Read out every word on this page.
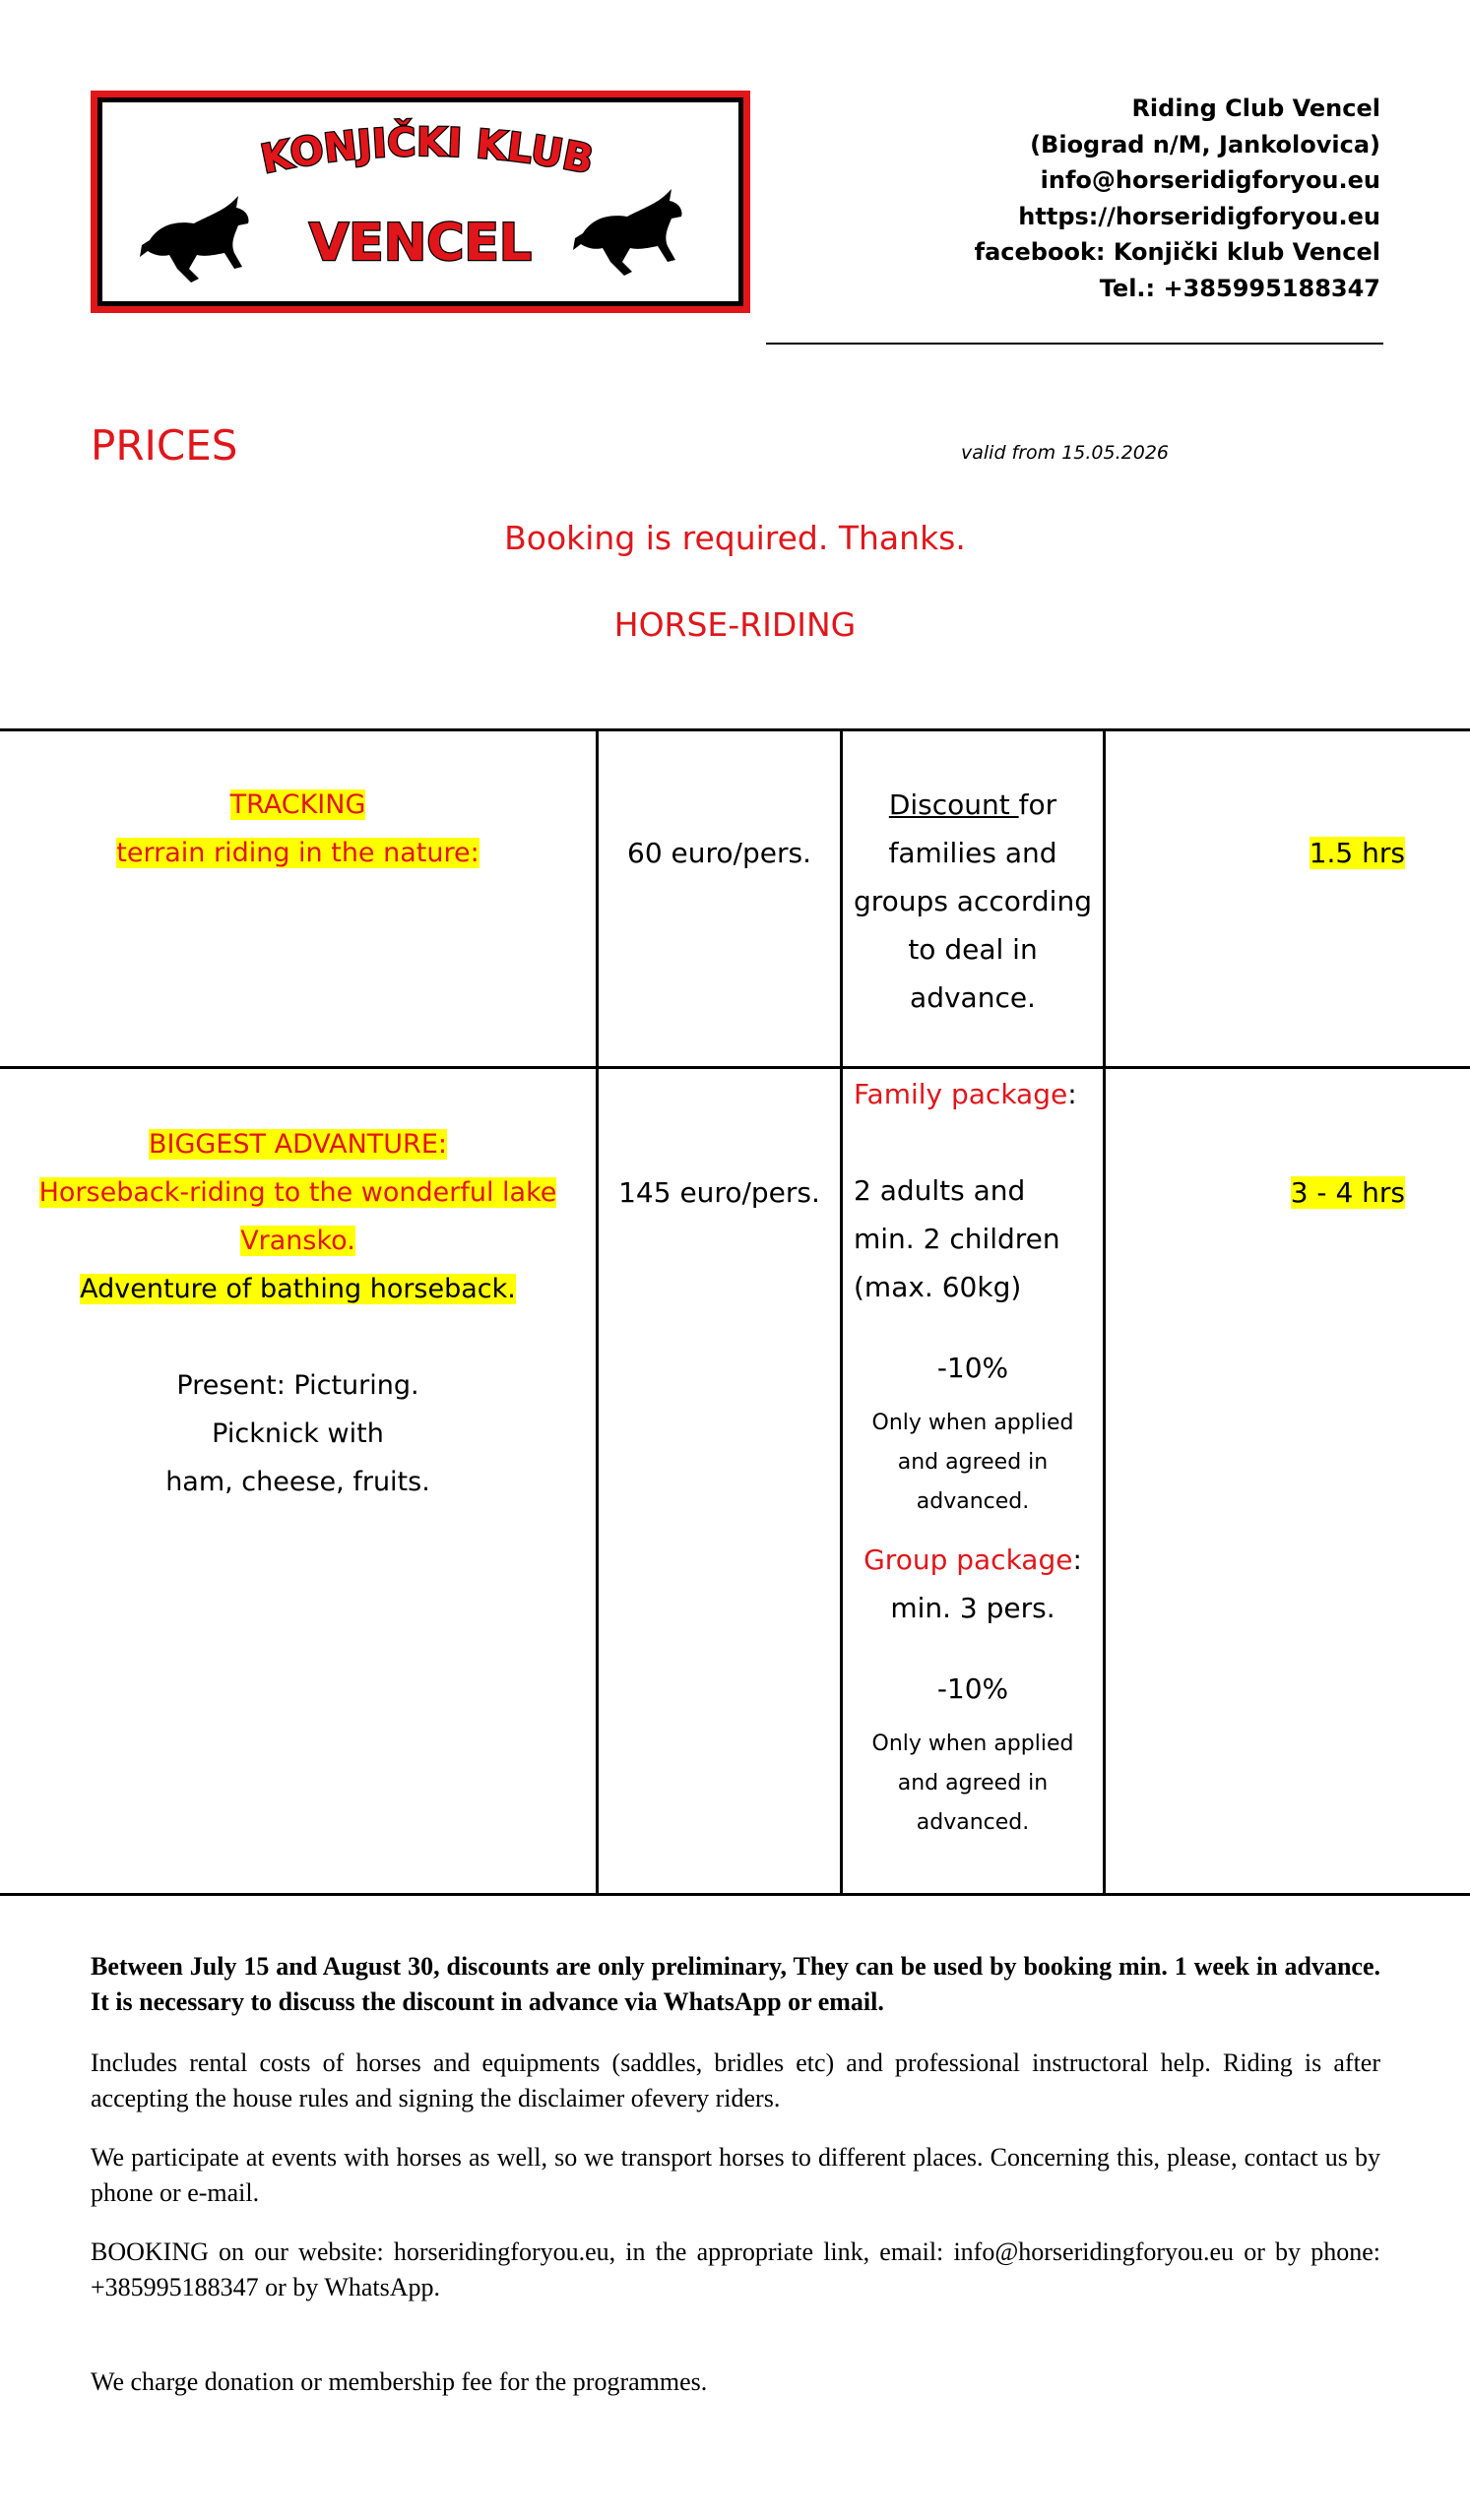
KONJIČKI KLUB
VENCEL
Riding Club Vencel
(Biograd n/M, Jankolovica)
info@horseridigforyou.eu
https://horseridigforyou.eu
facebook: Konjički klub Vencel
Tel.: +385995188347
PRICES	valid from 15.05.2026
Booking is required. Thanks.
HORSE-RIDING
TRACKING
terrain riding in the nature:	60 euro/pers.
Discount for
families and
groups according
to deal in
advance.
1.5 hrs
BIGGEST ADVANTURE:
Horseback-riding to the wonderful lake
Vransko.
Adventure of bathing horseback.
Present: Picturing.
Picknick with
ham, cheese, fruits.
145 euro/pers.
Family package:
2 adults and
min. 2 children
(max. 60kg)
-10%
Only when applied
and agreed in
advanced.
Group package:
min. 3 pers.
-10%
Only when applied
and agreed in
advanced.
3 - 4 hrs
Between July 15 and August 30, discounts are only preliminary, They can be used by booking min. 1 week in advance. It is necessary to discuss the discount in advance via WhatsApp or email.
Includes rental costs of horses and equipments (saddles, bridles etc) and professional instructoral help. Riding is after accepting the house rules and signing the disclaimer ofevery riders.
We participate at events with horses as well, so we transport horses to different places. Concerning this, please, contact us by phone or e-mail.
BOOKING on our website: horseridingforyou.eu, in the appropriate link, email: info@horseridingforyou.eu or by phone: +385995188347 or by WhatsApp.
We charge donation or membership fee for the programmes.
